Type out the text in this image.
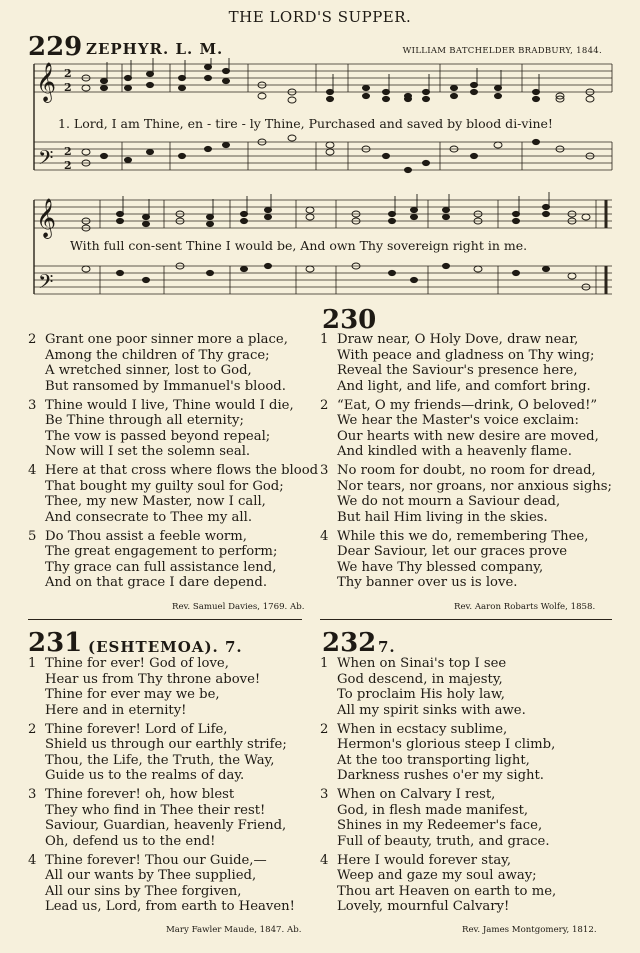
THE LORD'S SUPPER.
229 ZEPHYR. L. M.	WILLIAM BATCHELDER BRADBURY, 1844.
𝄞
𝄢
2
2
2
2
1. Lord, I am Thine, en - tire - ly Thine, Purchased and saved by blood di-vine!
𝄞
𝄢
With full con-sent Thine I would be, And own Thy sovereign right in me.
2 Grant one poor sinner more a place,
Among the children of Thy grace;
A wretched sinner, lost to God,
But ransomed by Immanuel's blood.
3 Thine would I live, Thine would I die,
Be Thine through all eternity;
The vow is passed beyond repeal;
Now will I set the solemn seal.
4 Here at that cross where flows the blood
That bought my guilty soul for God;
Thee, my new Master, now I call,
And consecrate to Thee my all.
5 Do Thou assist a feeble worm,
The great engagement to perform;
Thy grace can full assistance lend,
And on that grace I dare depend.
Rev. Samuel Davies, 1769. Ab.
230
1 Draw near, O Holy Dove, draw near,
With peace and gladness on Thy wing;
Reveal the Saviour's presence here,
And light, and life, and comfort bring.
2 “Eat, O my friends—drink, O beloved!”
We hear the Master's voice exclaim:
Our hearts with new desire are moved,
And kindled with a heavenly flame.
3 No room for doubt, no room for dread,
Nor tears, nor groans, nor anxious sighs;
We do not mourn a Saviour dead,
But hail Him living in the skies.
4 While this we do, remembering Thee,
Dear Saviour, let our graces prove
We have Thy blessed company,
Thy banner over us is love.
Rev. Aaron Robarts Wolfe, 1858.
231 (ESHTEMOA). 7.
1 Thine for ever! God of love,
Hear us from Thy throne above!
Thine for ever may we be,
Here and in eternity!
2 Thine forever! Lord of Life,
Shield us through our earthly strife;
Thou, the Life, the Truth, the Way,
Guide us to the realms of day.
3 Thine forever! oh, how blest
They who find in Thee their rest!
Saviour, Guardian, heavenly Friend,
Oh, defend us to the end!
4 Thine forever! Thou our Guide,—
All our wants by Thee supplied,
All our sins by Thee forgiven,
Lead us, Lord, from earth to Heaven!
Mary Fawler Maude, 1847. Ab.
232 7.
1 When on Sinai's top I see
God descend, in majesty,
To proclaim His holy law,
All my spirit sinks with awe.
2 When in ecstacy sublime,
Hermon's glorious steep I climb,
At the too transporting light,
Darkness rushes o'er my sight.
3 When on Calvary I rest,
God, in flesh made manifest,
Shines in my Redeemer's face,
Full of beauty, truth, and grace.
4 Here I would forever stay,
Weep and gaze my soul away;
Thou art Heaven on earth to me,
Lovely, mournful Calvary!
Rev. James Montgomery, 1812.
